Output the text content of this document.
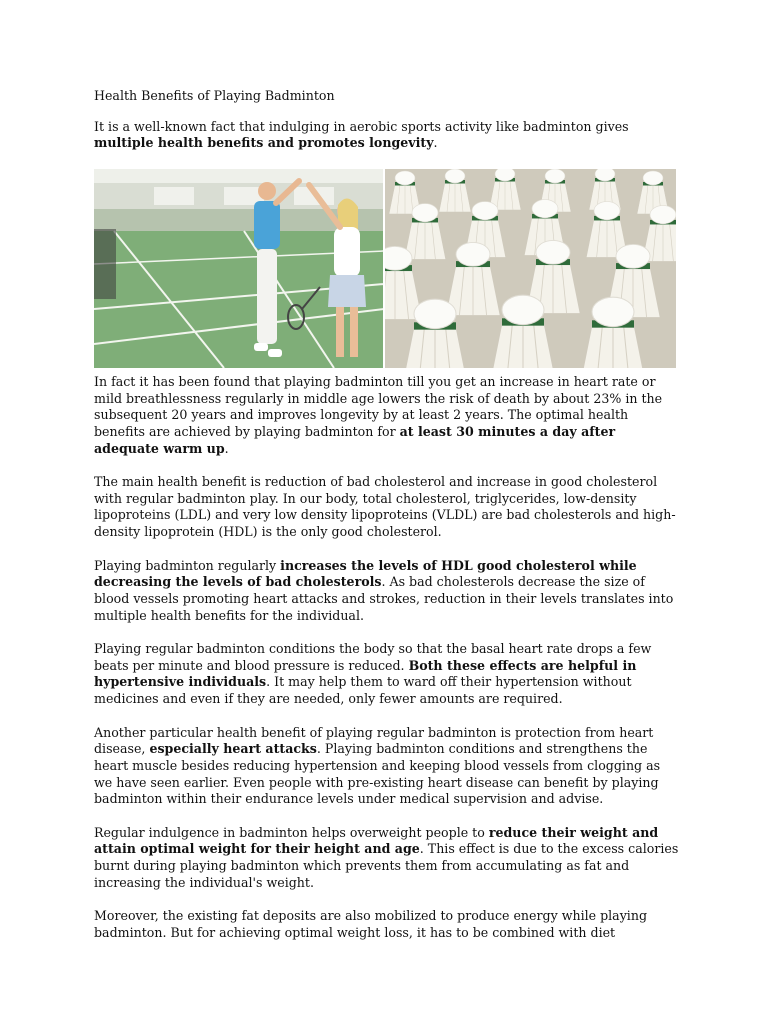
Health Benefits of Playing Badminton

It is a well-known fact that indulging in aerobic sports activity like badminton gives multiple health benefits and promotes longevity.

In fact it has been found that playing badminton till you get an increase in heart rate or mild breathlessness regularly in middle age lowers the risk of death by about 23% in the subsequent 20 years and improves longevity by at least 2 years. The optimal health benefits are achieved by playing badminton for at least 30 minutes a day after adequate warm up.

The main health benefit is reduction of bad cholesterol and increase in good cholesterol with regular badminton play. In our body, total cholesterol, triglycerides, low-density lipoproteins (LDL) and very low density lipoproteins (VLDL) are bad cholesterols and high-density lipoprotein (HDL) is the only good cholesterol.

Playing badminton regularly increases the levels of HDL good cholesterol while decreasing the levels of bad cholesterols. As bad cholesterols decrease the size of blood vessels promoting heart attacks and strokes, reduction in their levels translates into multiple health benefits for the individual.

Playing regular badminton conditions the body so that the basal heart rate drops a few beats per minute and blood pressure is reduced. Both these effects are helpful in hypertensive individuals. It may help them to ward off their hypertension without medicines and even if they are needed, only fewer amounts are required.

Another particular health benefit of playing regular badminton is protection from heart disease, especially heart attacks. Playing badminton conditions and strengthens the heart muscle besides reducing hypertension and keeping blood vessels from clogging as we have seen earlier. Even people with pre-existing heart disease can benefit by playing badminton within their endurance levels under medical supervision and advise.

Regular indulgence in badminton helps overweight people to reduce their weight and attain optimal weight for their height and age. This effect is due to the excess calories burnt during playing badminton which prevents them from accumulating as fat and increasing the individual's weight.

Moreover, the existing fat deposits are also mobilized to produce energy while playing badminton. But for achieving optimal weight loss, it has to be combined with diet
